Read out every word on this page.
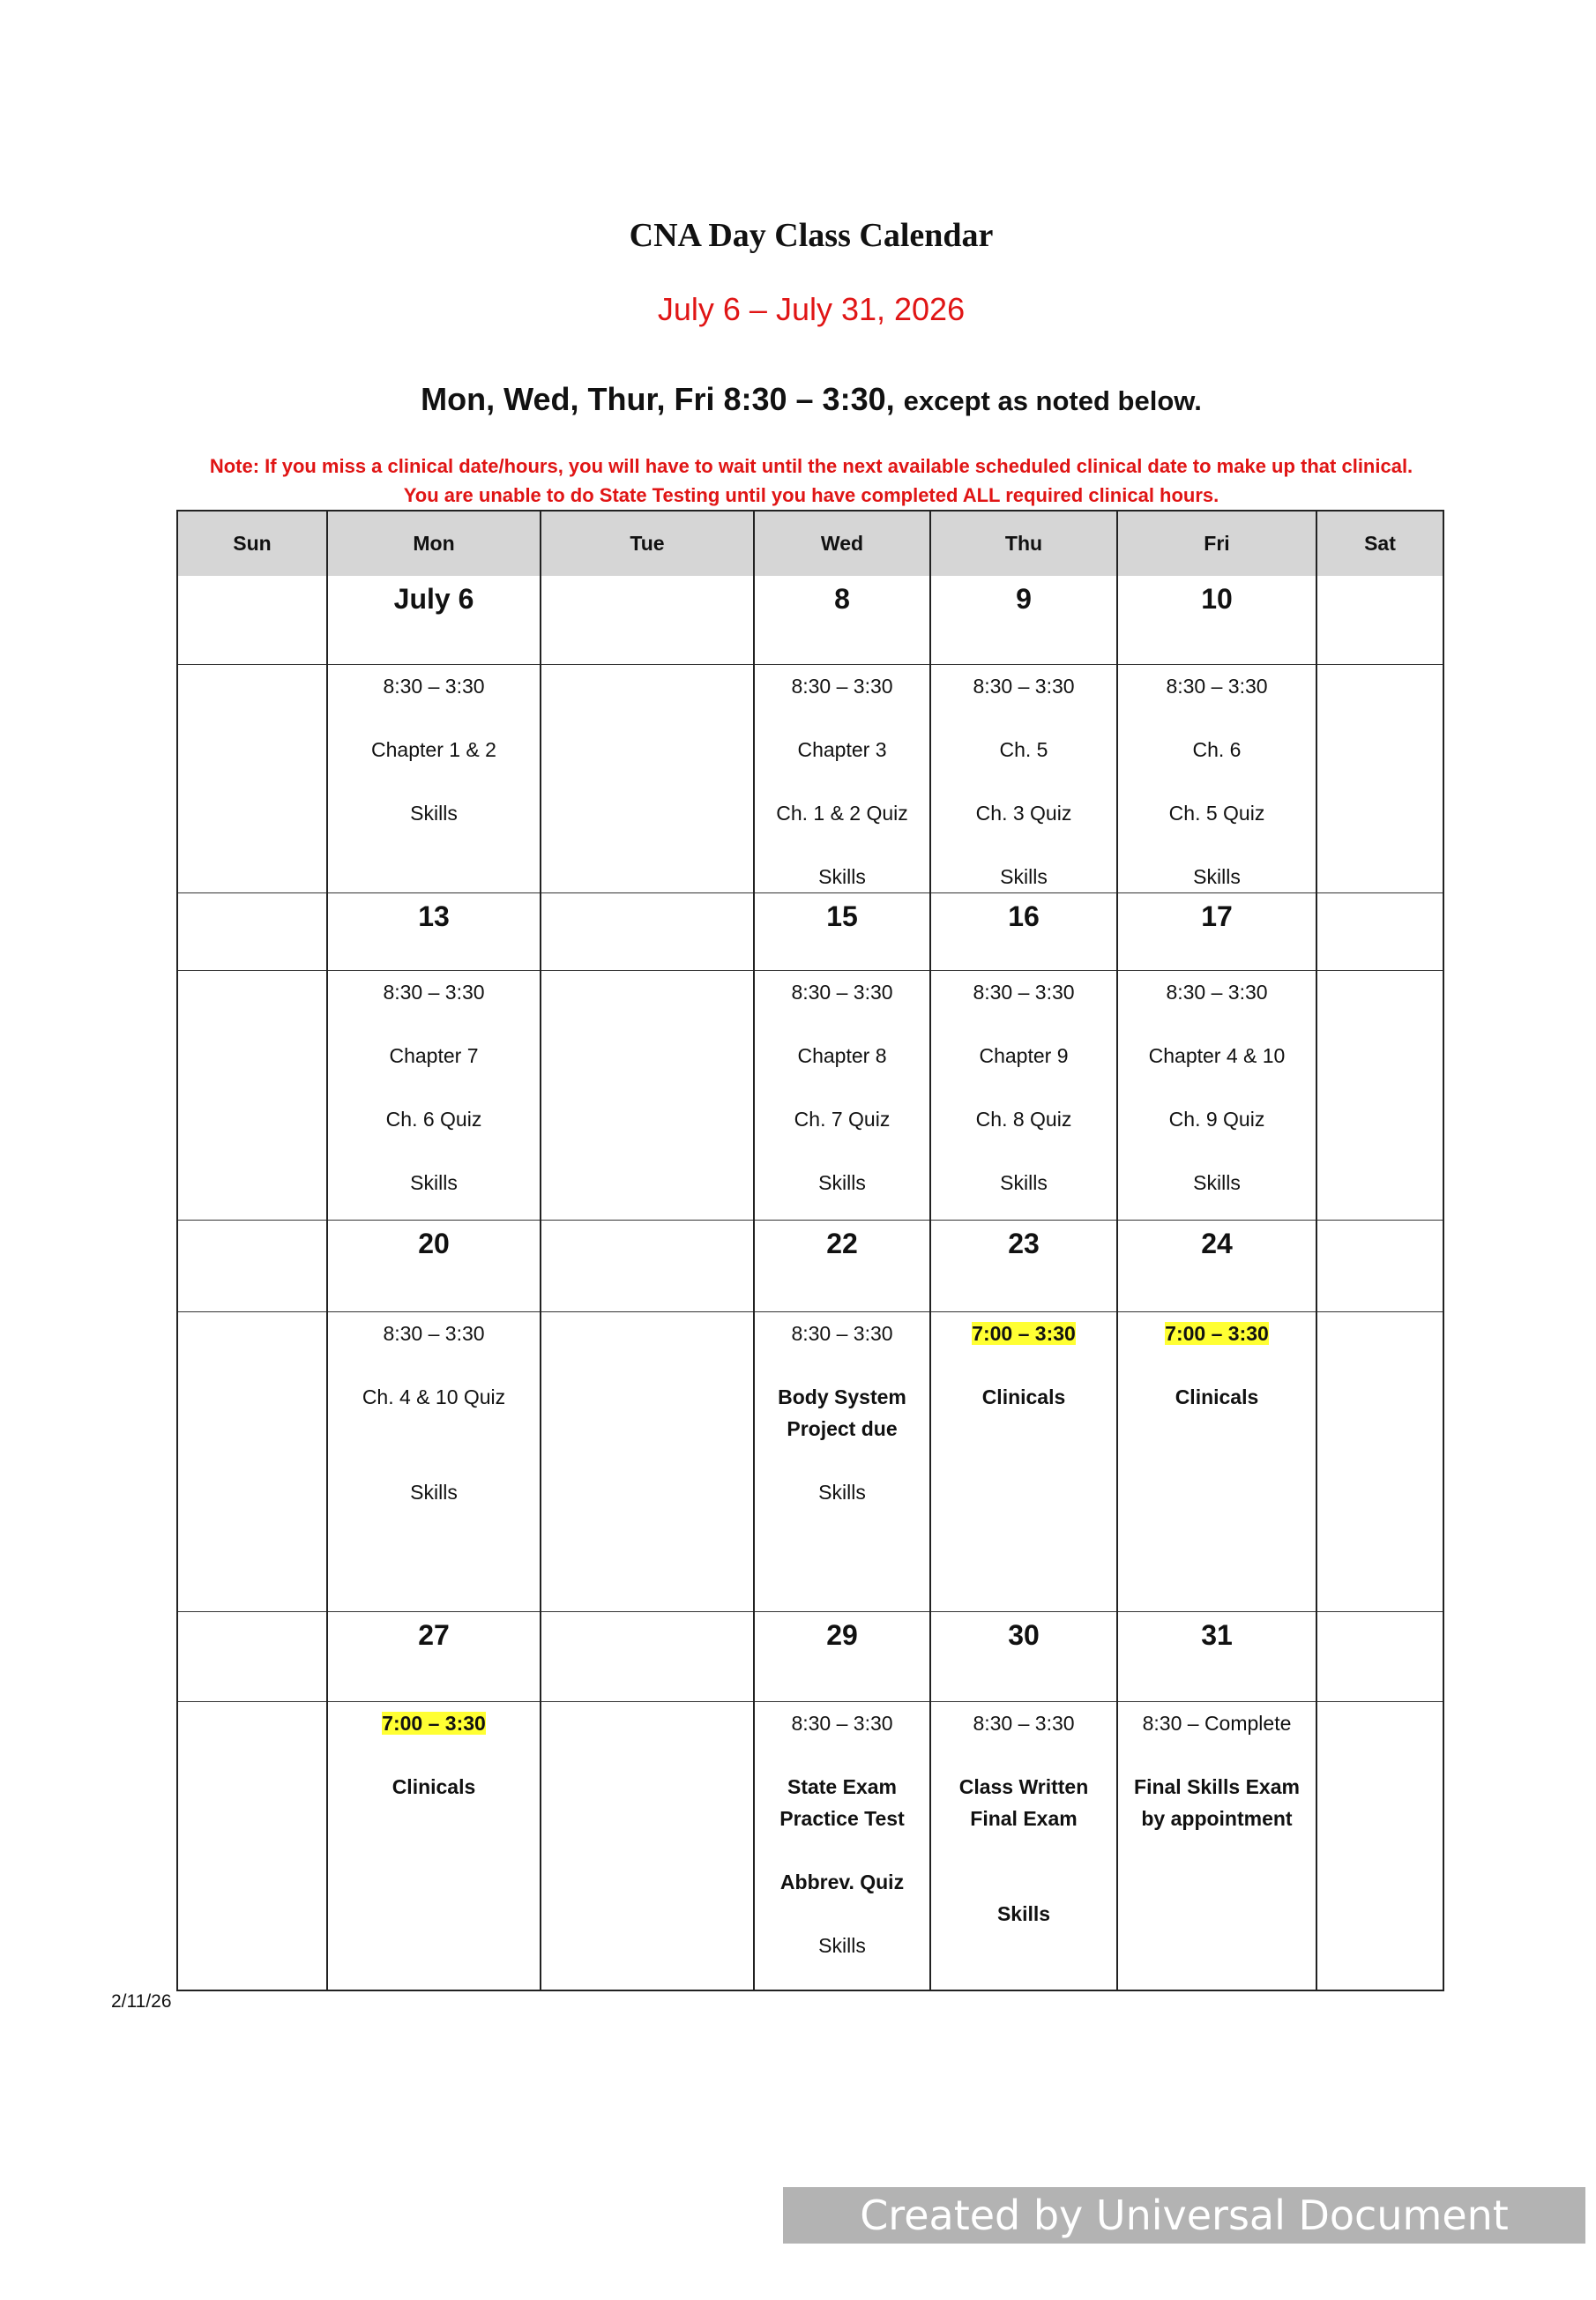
CNA Day Class Calendar
July 6 – July 31, 2026
Mon, Wed, Thur, Fri 8:30 – 3:30, except as noted below.
Note: If you miss a clinical date/hours, you will have to wait until the next available scheduled clinical date to make up that clinical.
You are unable to do State Testing until you have completed ALL required clinical hours.
Sun	Mon	Tue	Wed	Thu	Fri	Sat
	July 6		8	9	10	

	8:30 – 3:30
Chapter 1 & 2
Skills		8:30 – 3:30
Chapter 3
Ch. 1 & 2 Quiz
Skills	8:30 – 3:30
Ch. 5
Ch. 3 Quiz
Skills	8:30 – 3:30
Ch. 6
Ch. 5 Quiz
Skills	

	13		15	16	17	

	8:30 – 3:30
Chapter 7
Ch. 6 Quiz
Skills		8:30 – 3:30
Chapter 8
Ch. 7 Quiz
Skills	8:30 – 3:30
Chapter 9
Ch. 8 Quiz
Skills	8:30 – 3:30
Chapter 4 & 10
Ch. 9 Quiz
Skills	

	20		22	23	24	

	8:30 – 3:30
Ch. 4 & 10 Quiz
Skills		8:30 – 3:30
Body System
Project due
Skills	7:00 – 3:30
Clinicals	7:00 – 3:30
Clinicals	

	27		29	30	31	

	7:00 – 3:30
Clinicals		8:30 – 3:30
State Exam
Practice Test
Abbrev. Quiz
Skills	8:30 – 3:30
Class Written
Final Exam
Skills	8:30 – Complete
Final Skills Exam
by appointment	

2/11/26
Created by Universal Document Converter
